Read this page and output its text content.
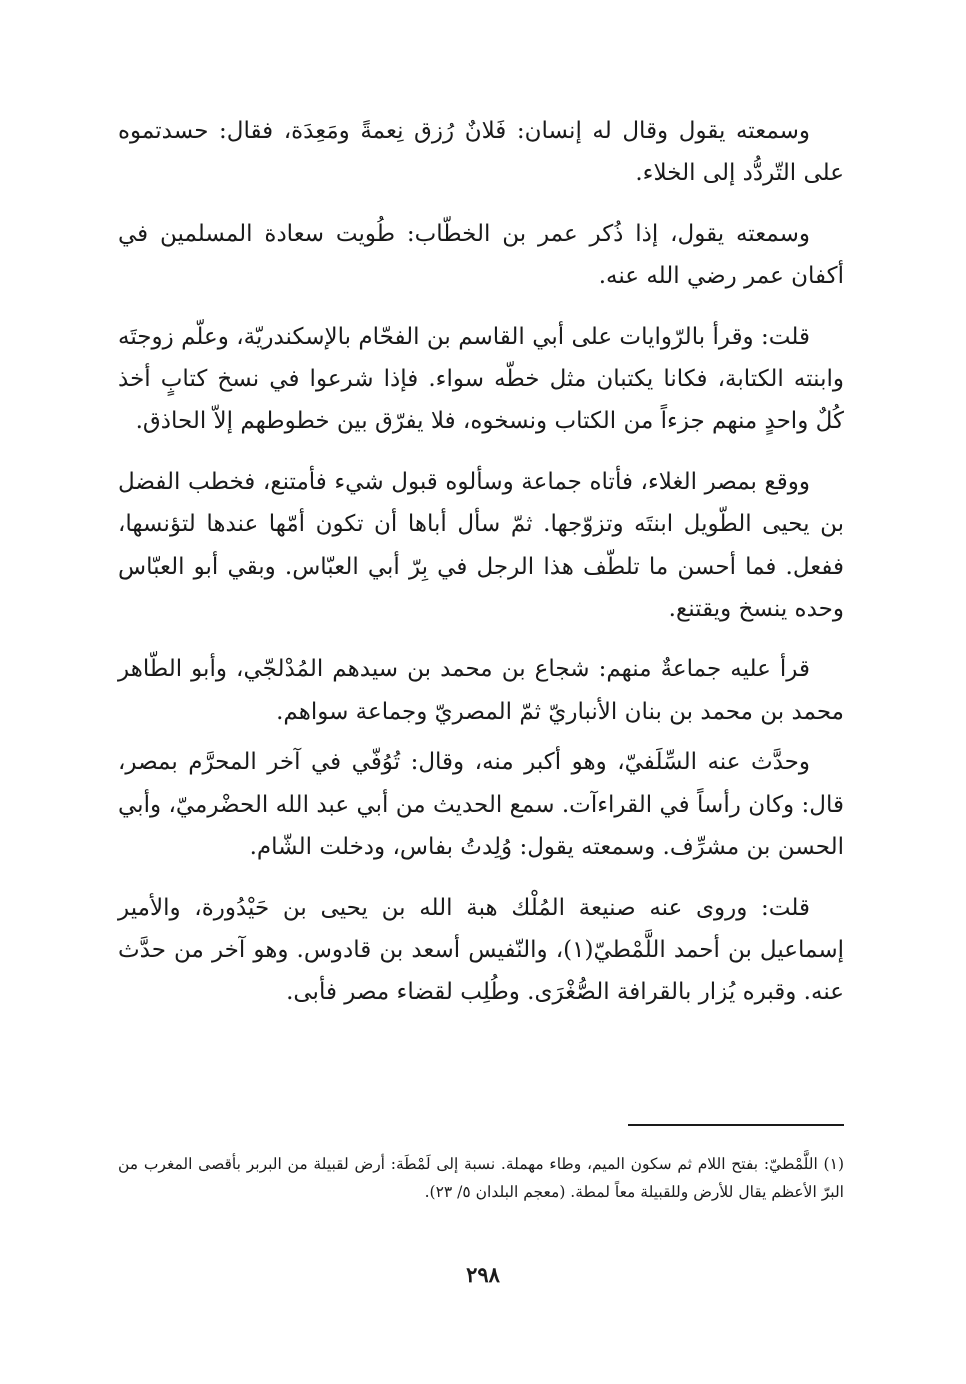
وسمعته يقول وقال له إنسان: فَلانٌ رُزق نِعمةً ومَعِدَة، فقال: حسدتموه على التّردُّد إلى الخلاء.

وسمعته يقول، إذا ذُكر عمر بن الخطّاب: طُويت سعادة المسلمين في أكفان عمر رضي الله عنه.

قلت: وقرأ بالرّوايات على أبي القاسم بن الفحّام بالإسكندريّة، وعلّم زوجتَه وابنته الكتابة، فكانا يكتبان مثل خطّه سواء. فإذا شرعوا في نسخ كتابٍ أخذ كُلٌ واحدٍ منهم جزءاً من الكتاب ونسخوه، فلا يفرّق بين خطوطهم إلاّ الحاذق.

ووقع بمصر الغلاء، فأتاه جماعة وسألوه قبول شيء فأمتنع، فخطب الفضل بن يحيى الطّويل ابنتَه وتزوّجها. ثمّ سأل أباها أن تكون أمّها عندها لتؤنسها، ففعل. فما أحسن ما تلطّف هذا الرجل في بِرّ أبي العبّاس. وبقي أبو العبّاس وحده ينسخ ويقتنع.

قرأ عليه جماعةٌ منهم: شجاع بن محمد بن سيدهم المُدْلجّي، وأبو الطّاهر محمد بن محمد بن بنان الأنباريّ ثمّ المصريّ وجماعة سواهم.

وحدَّث عنه السِّلَفيّ، وهو أكبر منه، وقال: تُوُفّي في آخر المحرَّم بمصر، قال: وكان رأساً في القراءآت. سمع الحديث من أبي عبد الله الحضْرميّ، وأبي الحسن بن مشرِّف. وسمعته يقول: وُلِدتُ بفاس، ودخلت الشّام.

قلت: وروى عنه صنيعة المُلْك هبة الله بن يحيى بن حَيْدُورة، والأمير إسماعيل بن أحمد اللَّمْطيّ(١)، والنّفيس أسعد بن قادوس. وهو آخر من حدَّث عنه. وقبره يُزار بالقرافة الصُّغْرَى. وطُلِب لقضاء مصر فأبى.

(١) اللَّمْطيّ: بفتح اللام ثم سكون الميم، وطاء مهملة. نسبة إلى لَمْطَة: أرض لقبيلة من البربر بأقصى المغرب من البرّ الأعظم يقال للأرض وللقبيلة معاً لمطة. (معجم البلدان ٥/ ٢٣).

٢٩٨
